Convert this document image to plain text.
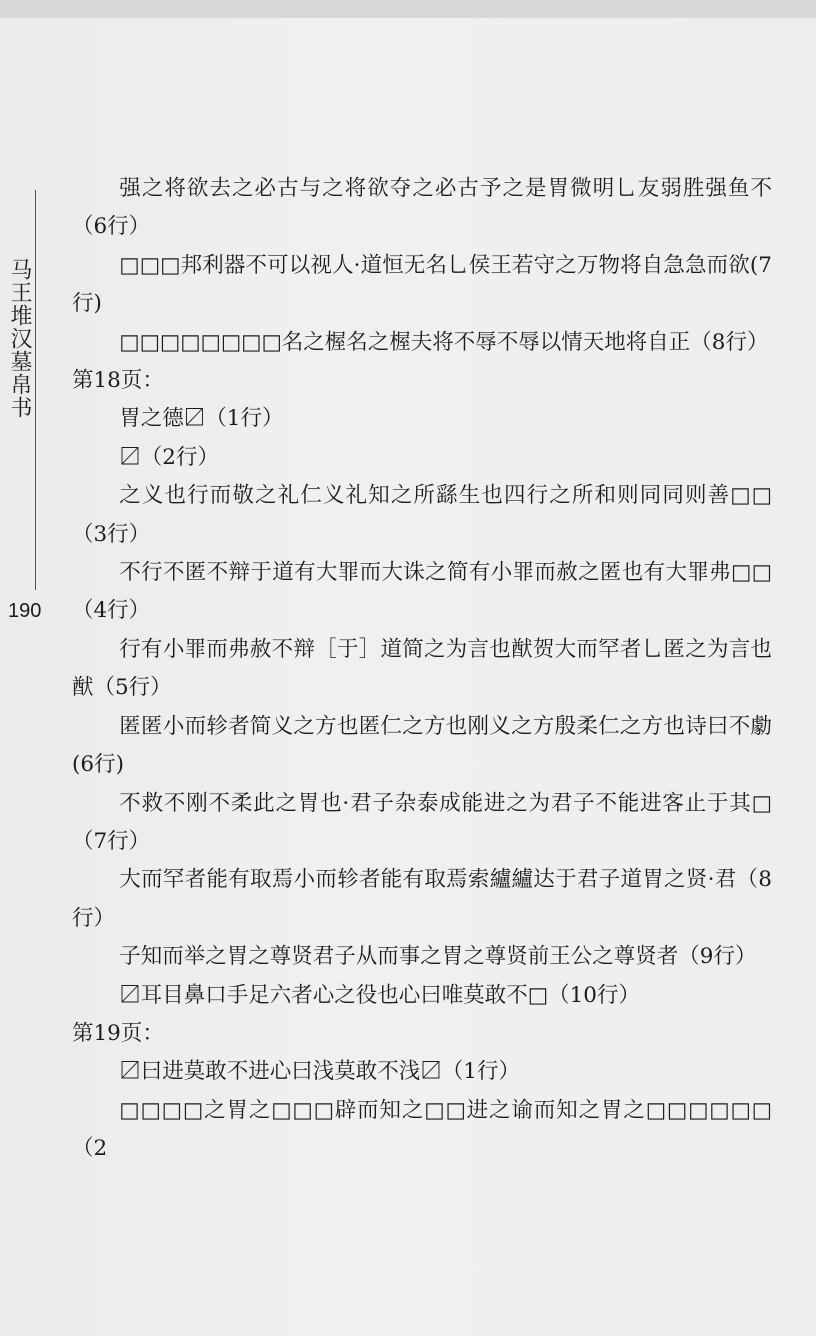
马王堆汉墓帛书
190

强之将欲去之必古与之将欲夺之必古予之是胃微明乚友弱胜强鱼不（6行）

□□□邦利器不可以视人·道恒无名乚侯王若守之万物将自急急而欲(7行)

□□□□□□□□名之楃名之楃夫将不辱不辱以情天地将自正（8行）

第18页：

胃之德〼（1行）

〼（2行）

之义也行而敬之礼仁义礼知之所繇生也四行之所和则同同则善□□（3行）

不行不匿不辩于道有大罪而大诛之简有小罪而赦之匿也有大罪弗□□（4行）

行有小罪而弗赦不辩［于］道简之为言也猷贺大而罕者乚匿之为言也猷（5行）

匿匿小而轸者简义之方也匿仁之方也刚义之方殷柔仁之方也诗曰不勮(6行)

不救不刚不柔此之胃也·君子杂泰成能进之为君子不能进客止于其□（7行）

大而罕者能有取焉小而轸者能有取焉索纑纑达于君子道胃之贤·君（8行）

子知而举之胃之尊贤君子从而事之胃之尊贤前王公之尊贤者（9行）

〼耳目鼻口手足六者心之役也心曰唯莫敢不□（10行）

第19页：

〼曰进莫敢不进心曰浅莫敢不浅〼（1行）

□□□□之胃之□□□辟而知之□□进之谕而知之胃之□□□□□□（2
